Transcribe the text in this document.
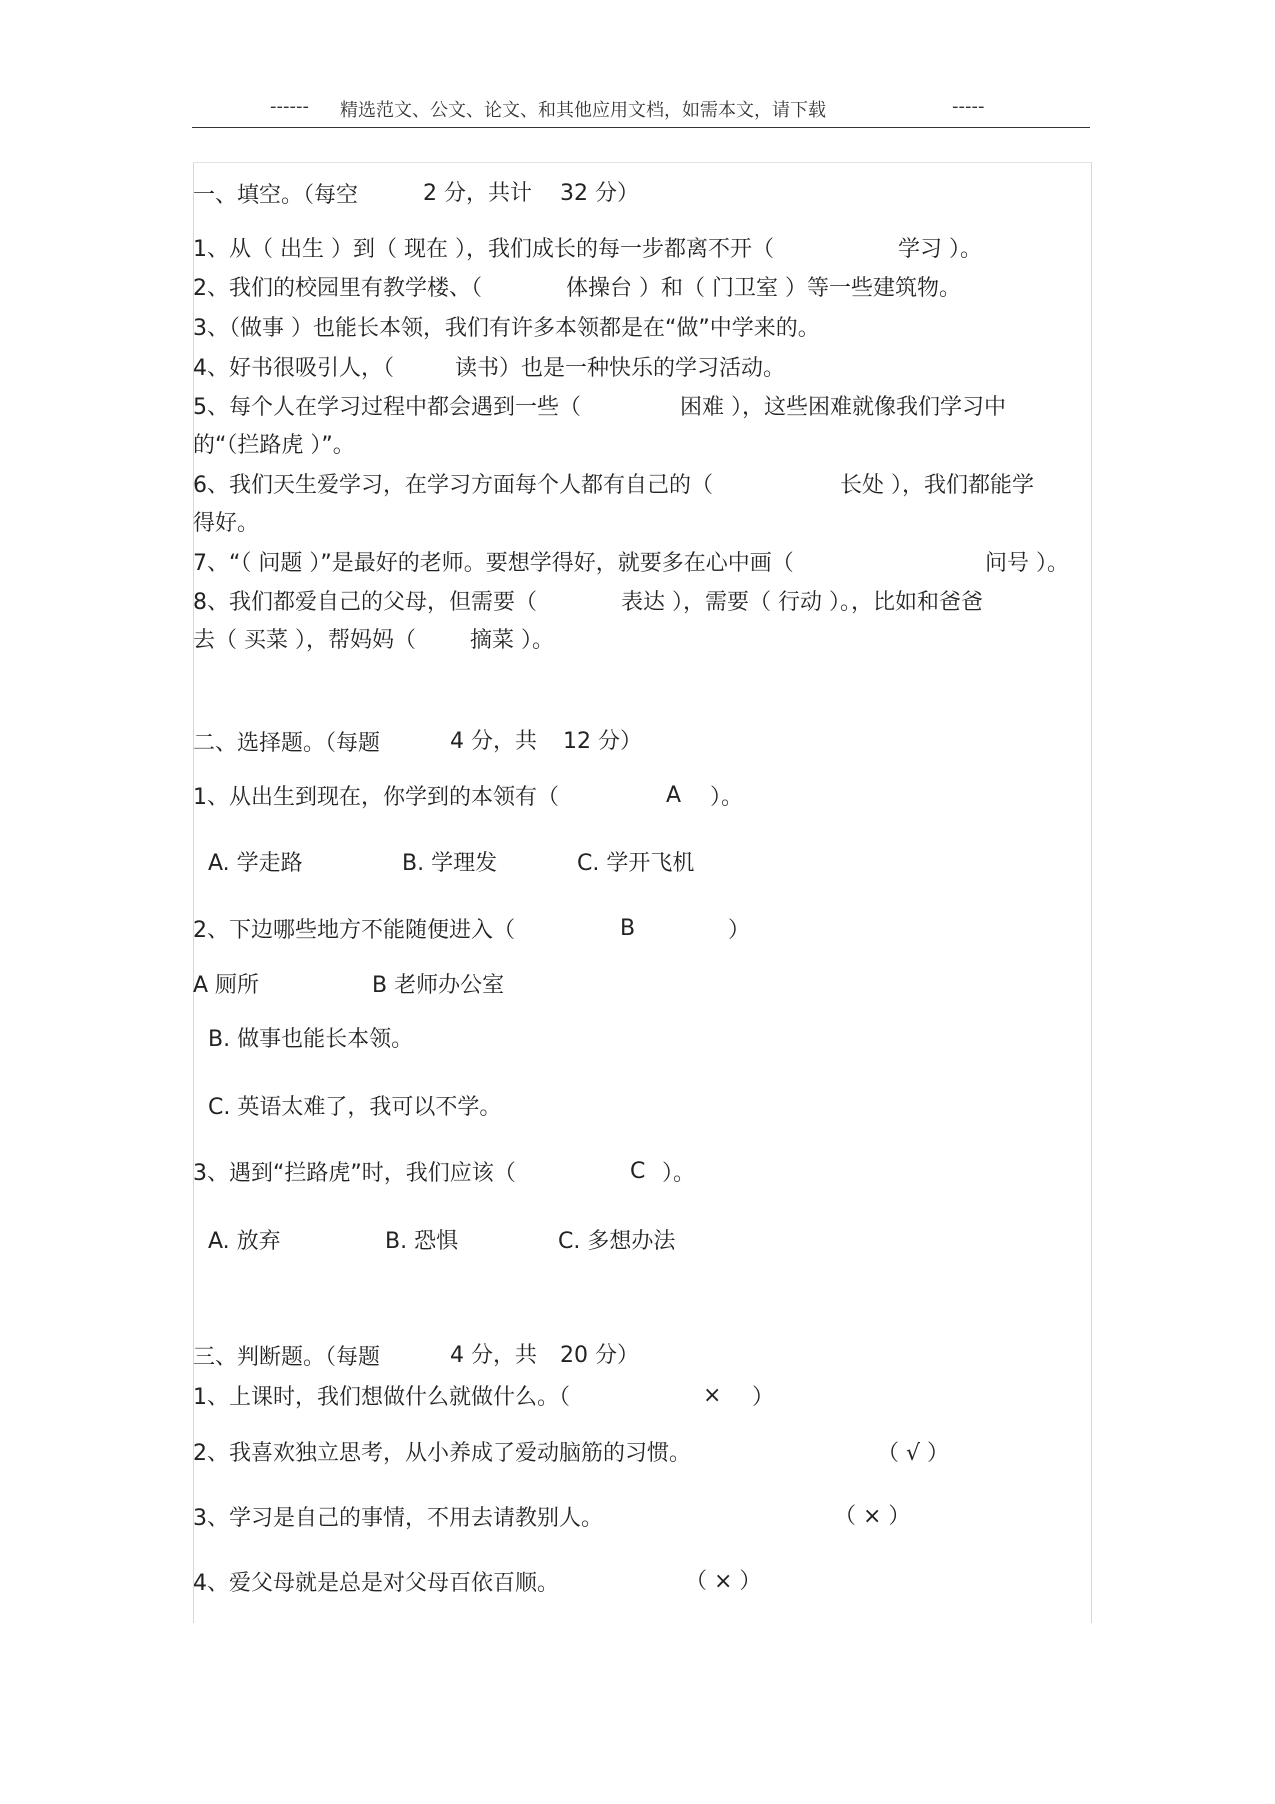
------ 精选范文、公文、论文、和其他应用文档，如需本文，请下载	-----
一、填空。（每空	2 分，共计 32 分）
1、从（ 出生 ）到（ 现在 ），我们成长的每一步都离不开（	学习 ）。
2、我们的校园里有教学楼、（	体操台 ）和（ 门卫室 ）等一些建筑物。
3、（做事 ）也能长本领，我们有许多本领都是在“做”中学来的。
4、好书很吸引人，（	读书）也是一种快乐的学习活动。
5、每个人在学习过程中都会遇到一些（	困难 ），这些困难就像我们学习中
的“（拦路虎 ）”。
6、我们天生爱学习，在学习方面每个人都有自己的（	长处 ），我们都能学
得好。
7、“（ 问题 ）”是最好的老师。要想学得好，就要多在心中画（	问号 ）。
8、我们都爱自己的父母，但需要（	表达 ），需要（ 行动 ）。，比如和爸爸
去（ 买菜 ），帮妈妈（ 摘菜 ）。
二、选择题。（每题	4 分，共 12 分）
1、从出生到现在，你学到的本领有（	A ）。
A. 学走路	B. 学理发	C. 学开飞机
2、下边哪些地方不能随便进入（	B	）
A 厕所	B 老师办公室
B. 做事也能长本领。
C. 英语太难了，我可以不学。
3、遇到“拦路虎”时，我们应该（	C ）。
A. 放弃	B. 恐惧	C. 多想办法
三、判断题。（每题	4 分，共 20 分）
1、上课时，我们想做什么就做什么。（	× ）
2、我喜欢独立思考，从小养成了爱动脑筋的习惯。	（ √ ）
3、学习是自己的事情，不用去请教别人。	（ × ）
4、爱父母就是总是对父母百依百顺。	（ × ）
